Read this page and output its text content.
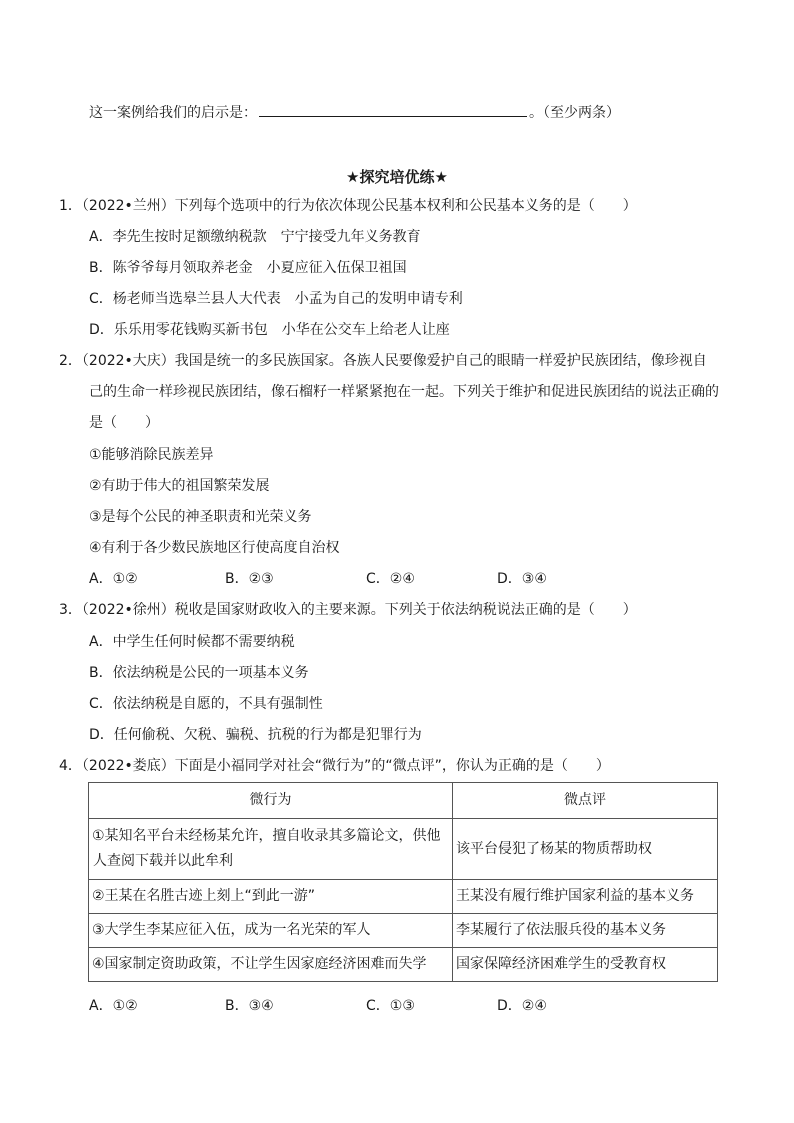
这一案例给我们的启示是：	。（至少两条）
★探究培优练★
1．（2022•兰州）下列每个选项中的行为依次体现公民基本权利和公民基本义务的是（　　）
A．李先生按时足额缴纳税款　宁宁接受九年义务教育
B．陈爷爷每月领取养老金　小夏应征入伍保卫祖国
C．杨老师当选皋兰县人大代表　小孟为自己的发明申请专利
D．乐乐用零花钱购买新书包　小华在公交车上给老人让座
2．（2022•大庆）我国是统一的多民族国家。各族人民要像爱护自己的眼睛一样爱护民族团结，像珍视自
己的生命一样珍视民族团结，像石榴籽一样紧紧抱在一起。下列关于维护和促进民族团结的说法正确的
是（　　）
①能够消除民族差异
②有助于伟大的祖国繁荣发展
③是每个公民的神圣职责和光荣义务
④有利于各少数民族地区行使高度自治权
A．①②	B．②③	C．②④	D．③④
3．（2022•徐州）税收是国家财政收入的主要来源。下列关于依法纳税说法正确的是（　　）
A．中学生任何时候都不需要纳税
B．依法纳税是公民的一项基本义务
C．依法纳税是自愿的，不具有强制性
D．任何偷税、欠税、骗税、抗税的行为都是犯罪行为
4．（2022•娄底）下面是小福同学对社会“微行为”的“微点评”，你认为正确的是（　　）
微行为	微点评

①某知名平台未经杨某允许，擅自收录其多篇论文，供他
人查阅下载并以此牟利	该平台侵犯了杨某的物质帮助权
②王某在名胜古迹上刻上“到此一游”	王某没有履行维护国家利益的基本义务
③大学生李某应征入伍，成为一名光荣的军人	李某履行了依法服兵役的基本义务
④国家制定资助政策，不让学生因家庭经济困难而失学	国家保障经济困难学生的受教育权
A．①②	B．③④	C．①③	D．②④
